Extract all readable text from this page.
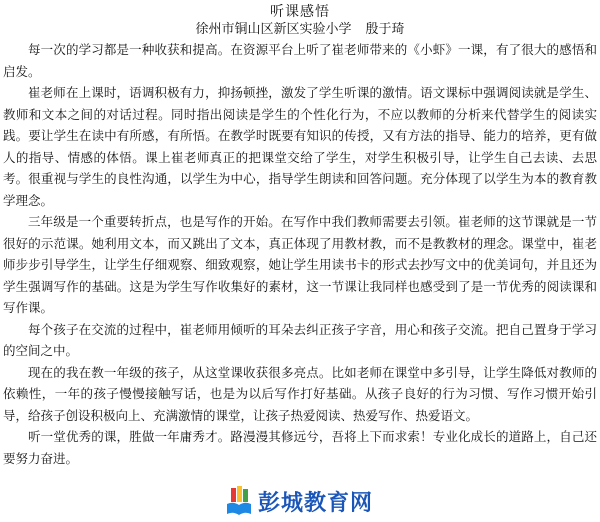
听课感悟
徐州市铜山区新区实验小学 殷于琦

每一次的学习都是一种收获和提高。在资源平台上听了崔老师带来的《小虾》一课，有了很大的感悟和启发。

崔老师在上课时，语调积极有力，抑扬顿挫，激发了学生听课的激情。语文课标中强调阅读就是学生、教师和文本之间的对话过程。同时指出阅读是学生的个性化行为，不应以教师的分析来代替学生的阅读实践。要让学生在读中有所感，有所悟。在教学时既要有知识的传授，又有方法的指导、能力的培养，更有做人的指导、情感的体悟。课上崔老师真正的把课堂交给了学生，对学生积极引导，让学生自己去读、去思考。很重视与学生的良性沟通，以学生为中心，指导学生朗读和回答问题。充分体现了以学生为本的教育教学理念。

三年级是一个重要转折点，也是写作的开始。在写作中我们教师需要去引领。崔老师的这节课就是一节很好的示范课。她利用文本，而又跳出了文本，真正体现了用教材教，而不是教教材的理念。课堂中，崔老师步步引导学生，让学生仔细观察、细致观察，她让学生用读书卡的形式去抄写文中的优美词句，并且还为学生强调写作的基础。这是为学生写作收集好的素材，这一节课让我同样也感受到了是一节优秀的阅读课和写作课。

每个孩子在交流的过程中，崔老师用倾听的耳朵去纠正孩子字音，用心和孩子交流。把自己置身于学习的空间之中。

现在的我在教一年级的孩子，从这堂课收获很多亮点。比如老师在课堂中多引导，让学生降低对教师的依赖性，一年的孩子慢慢接触写话，也是为以后写作打好基础。从孩子良好的行为习惯、写作习惯开始引导，给孩子创设积极向上、充满激情的课堂，让孩子热爱阅读、热爱写作、热爱语文。

听一堂优秀的课，胜做一年庸秀才。路漫漫其修远兮，吾将上下而求索！专业化成长的道路上，自己还要努力奋进。

彭城教育网
